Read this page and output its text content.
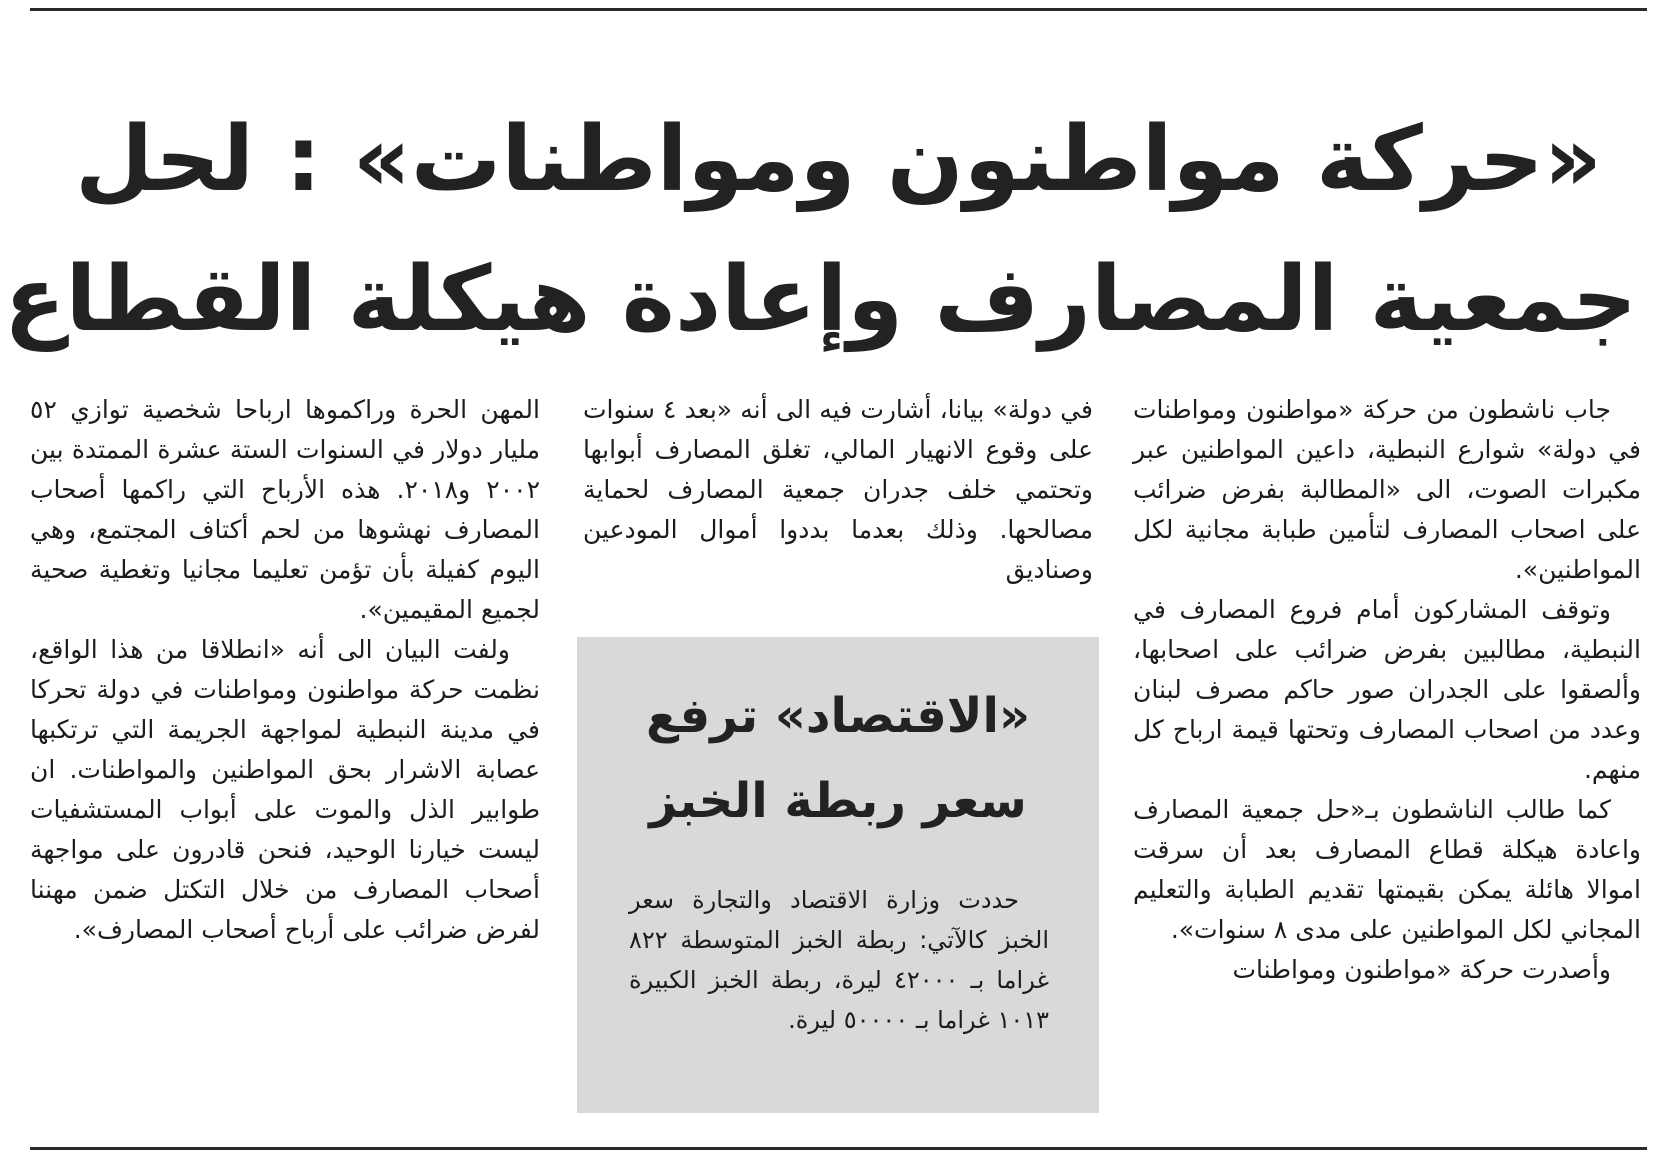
«حركة مواطنون ومواطنات» : لحل
جمعية المصارف وإعادة هيكلة القطاع

جاب ناشطون من حركة «مواطنون ومواطنات في دولة» شوارع النبطية، داعين المواطنين عبر مكبرات الصوت، الى «المطالبة بفرض ضرائب على اصحاب المصارف لتأمين طبابة مجانية لكل المواطنين».

وتوقف المشاركون أمام فروع المصارف في النبطية، مطالبين بفرض ضرائب على اصحابها، وألصقوا على الجدران صور حاكم مصرف لبنان وعدد من اصحاب المصارف وتحتها قيمة ارباح كل منهم.

كما طالب الناشطون بـ«حل جمعية المصارف واعادة هيكلة قطاع المصارف بعد أن سرقت اموالا هائلة يمكن بقيمتها تقديم الطبابة والتعليم المجاني لكل المواطنين على مدى ٨ سنوات».

وأصدرت حركة «مواطنون ومواطنات

في دولة» بيانا، أشارت فيه الى أنه «بعد ٤ سنوات على وقوع الانهيار المالي، تغلق المصارف أبوابها وتحتمي خلف جدران جمعية المصارف لحماية مصالحها. وذلك بعدما بددوا أموال المودعين وصناديق

المهن الحرة وراكموها ارباحا شخصية توازي ٥٢ مليار دولار في السنوات الستة عشرة الممتدة بين ٢٠٠٢ و٢٠١٨. هذه الأرباح التي راكمها أصحاب المصارف نهشوها من لحم أكتاف المجتمع، وهي اليوم كفيلة بأن تؤمن تعليما مجانيا وتغطية صحية لجميع المقيمين».

ولفت البيان الى أنه «انطلاقا من هذا الواقع، نظمت حركة مواطنون ومواطنات في دولة تحركا في مدينة النبطية لمواجهة الجريمة التي ترتكبها عصابة الاشرار بحق المواطنين والمواطنات. ان طوابير الذل والموت على أبواب المستشفيات ليست خيارنا الوحيد، فنحن قادرون على مواجهة أصحاب المصارف من خلال التكتل ضمن مهننا لفرض ضرائب على أرباح أصحاب المصارف».

«الاقتصاد» ترفع
سعر ربطة الخبز

حددت وزارة الاقتصاد والتجارة سعر الخبز كالآتي: ربطة الخبز المتوسطة ٨٢٢ غراما بـ ٤٢٠٠٠ ليرة، ربطة الخبز الكبيرة ١٠١٣ غراما بـ ٥٠٠٠٠ ليرة.
